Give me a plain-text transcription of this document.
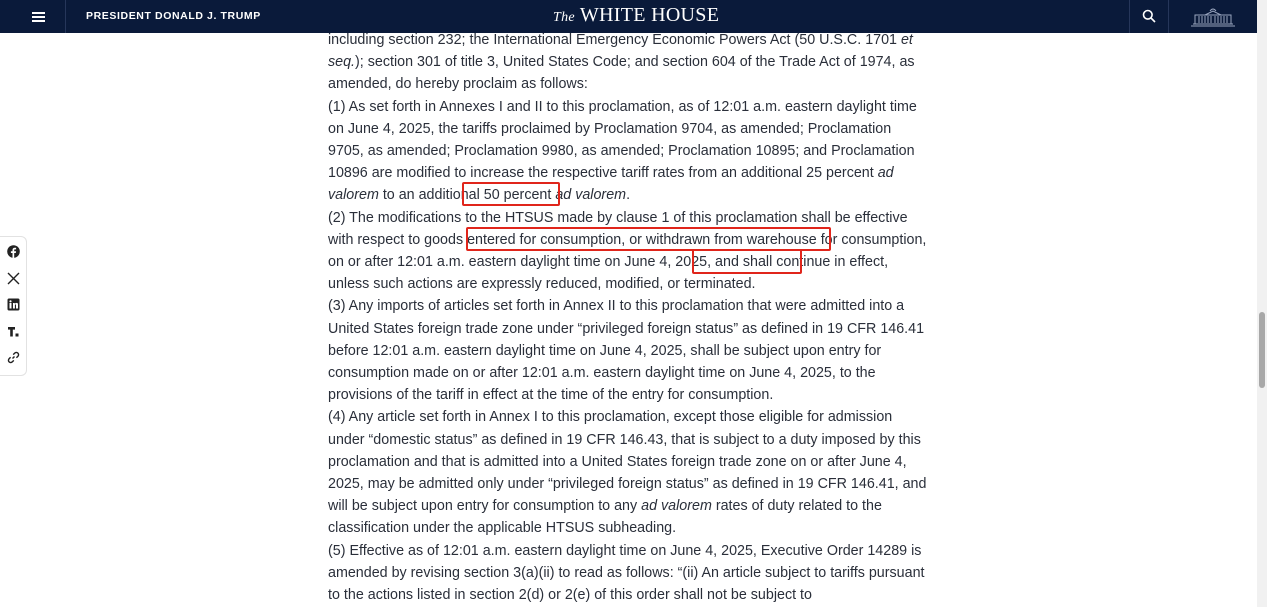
PRESIDENT DONALD J. TRUMP	The WHITE HOUSE

including section 232; the International Emergency Economic Powers Act (50 U.S.C. 1701 et seq.); section 301 of title 3, United States Code; and section 604 of the Trade Act of 1974, as amended, do hereby proclaim as follows:

(1) As set forth in Annexes I and II to this proclamation, as of 12:01 a.m. eastern daylight time on June 4, 2025, the tariffs proclaimed by Proclamation 9704, as amended; Proclamation 9705, as amended; Proclamation 9980, as amended; Proclamation 10895; and Proclamation 10896 are modified to increase the respective tariff rates from an additional 25 percent ad valorem to an additional 50 percent ad valorem.

(2) The modifications to the HTSUS made by clause 1 of this proclamation shall be effective with respect to goods entered for consumption, or withdrawn from warehouse for consumption, on or after 12:01 a.m. eastern daylight time on June 4, 2025, and shall continue in effect, unless such actions are expressly reduced, modified, or terminated.

(3) Any imports of articles set forth in Annex II to this proclamation that were admitted into a United States foreign trade zone under “privileged foreign status” as defined in 19 CFR 146.41 before 12:01 a.m. eastern daylight time on June 4, 2025, shall be subject upon entry for consumption made on or after 12:01 a.m. eastern daylight time on June 4, 2025, to the provisions of the tariff in effect at the time of the entry for consumption.

(4) Any article set forth in Annex I to this proclamation, except those eligible for admission under “domestic status” as defined in 19 CFR 146.43, that is subject to a duty imposed by this proclamation and that is admitted into a United States foreign trade zone on or after June 4, 2025, may be admitted only under “privileged foreign status” as defined in 19 CFR 146.41, and will be subject upon entry for consumption to any ad valorem rates of duty related to the classification under the applicable HTSUS subheading.

(5) Effective as of 12:01 a.m. eastern daylight time on June 4, 2025, Executive Order 14289 is amended by revising section 3(a)(ii) to read as follows: “(ii) An article subject to tariffs pursuant to the actions listed in section 2(d) or 2(e) of this order shall not be subject to
